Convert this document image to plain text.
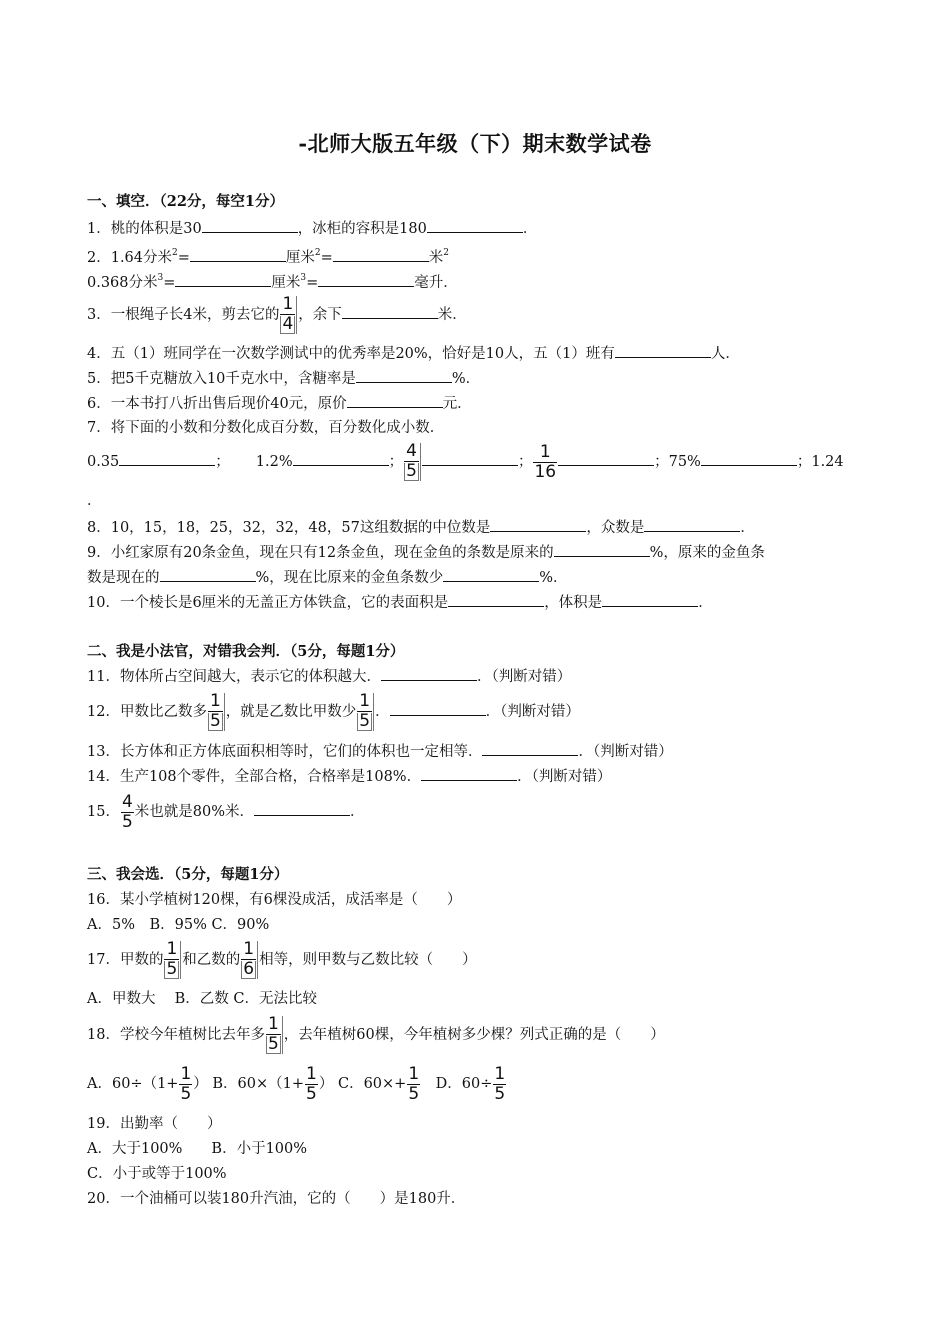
-北师大版五年级（下）期末数学试卷
一、填空．（22分，每空1分）
1．桃的体积是30	，冰柜的容积是180	．
2．1.64分米$^2$=	厘米$^2$=	米$^2$
0.368分米$^3$=	厘米$^3$=	毫升．
3．一根绳子长4米，剪去它的 $\frac{1}{4}$ ，余下	米．
4．五（1）班同学在一次数学测试中的优秀率是20%，恰好是10人，五（1）班有	人．
5．把5千克糖放入10千克水中，含糖率是	%．
6．一本书打八折出售后现价40元，原价	元．
7．将下面的小数和分数化成百分数，百分数化成小数．
0.35	； 1.2%	； $\frac{4}{5}$	； $\frac{1}{16}$	；75%	；1.24
．
8．10，15，18，25，32，32，48，57这组数据的中位数是	，众数是	．
9．小红家原有20条金鱼，现在只有12条金鱼，现在金鱼的条数是原来的	%，原来的金鱼条
数是现在的	%，现在比原来的金鱼条数少	%．
10．一个棱长是6厘米的无盖正方体铁盒，它的表面积是	，体积是	．
二、我是小法官，对错我会判．（5分，每题1分）
11．物体所占空间越大，表示它的体积越大．	．（判断对错）
12．甲数比乙数多 $\frac{1}{5}$ ，就是乙数比甲数少 $\frac{1}{5}$ ．	．（判断对错）
13．长方体和正方体底面积相等时，它们的体积也一定相等．	．（判断对错）
14．生产108个零件，全部合格，合格率是108%．	．（判断对错）
15． $\frac{4}{5}$ 米也就是80%米．	．
三、我会选．（5分，每题1分）
16．某小学植树120棵，有6棵没成活，成活率是（　　）
A．5%　B．95% C．90%
17．甲数的 $\frac{1}{5}$ 和乙数的 $\frac{1}{6}$ 相等，则甲数与乙数比较（　　）
A．甲数大　 B．乙数 C．无法比较
18．学校今年植树比去年多 $\frac{1}{5}$ ，去年植树60棵，今年植树多少棵？列式正确的是（　　）
A．$60\div(1+ \frac{1}{5}$ ） B．$60\times(1+ \frac{1}{5}$ ） C．$60\times+ \frac{1}{5}$ 　D．$60\div \frac{1}{5}$
19．出勤率（　　）
A．大于100%　　B．小于100%
C．小于或等于100%
20．一个油桶可以装180升汽油，它的（　　）是180升．
